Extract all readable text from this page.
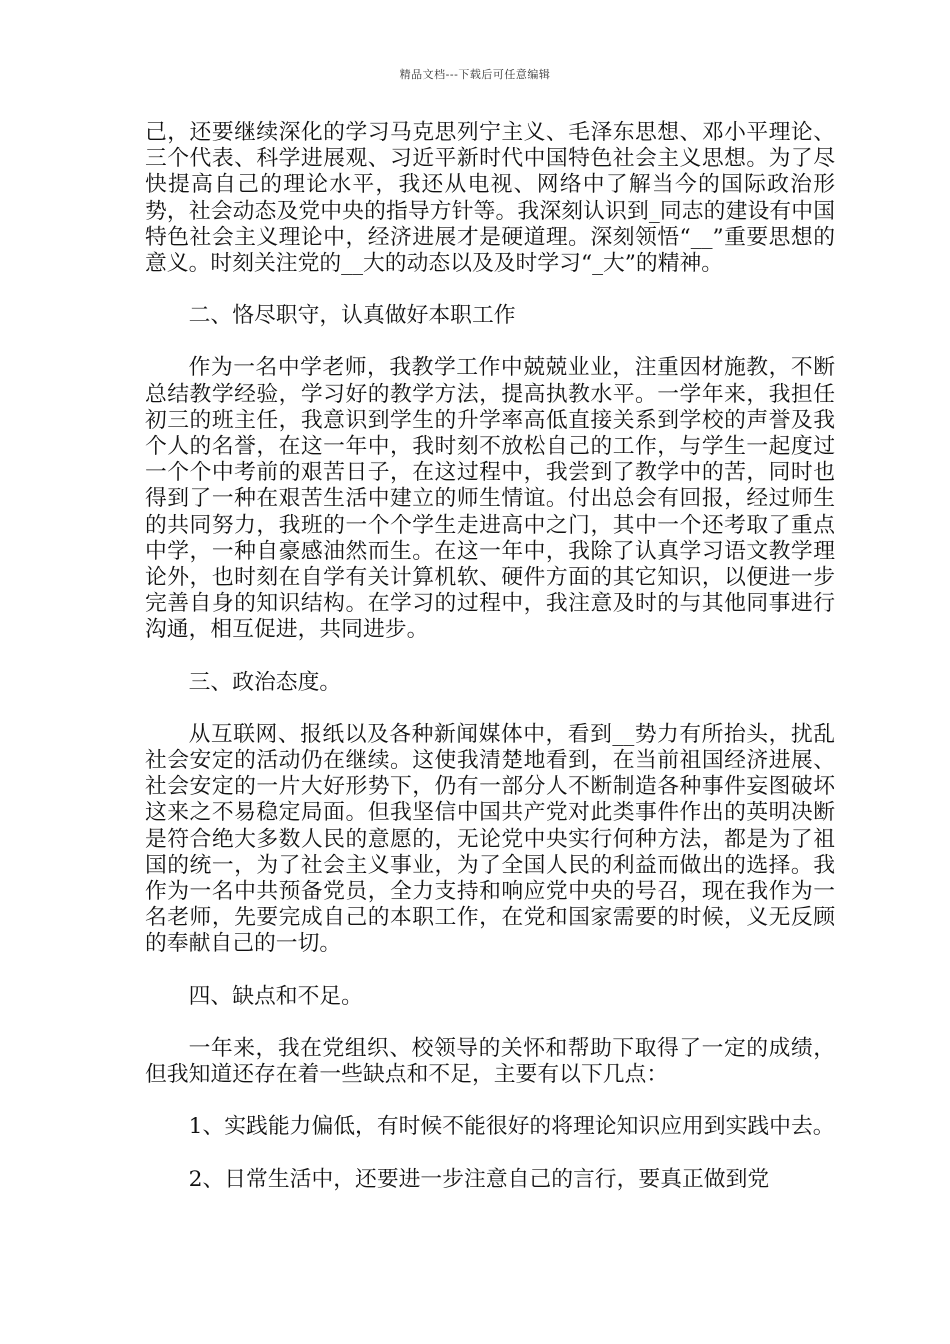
精品文档---下载后可任意编辑

己，还要继续深化的学习马克思列宁主义、毛泽东思想、邓小平理论、三个代表、科学进展观、习近平新时代中国特色社会主义思想。为了尽快提高自己的理论水平，我还从电视、网络中了解当今的国际政治形势，社会动态及党中央的指导方针等。我深刻认识到_同志的建设有中国特色社会主义理论中，经济进展才是硬道理。深刻领悟“__”重要思想的意义。时刻关注党的__大的动态以及及时学习“_大”的精神。

二、恪尽职守，认真做好本职工作

作为一名中学老师，我教学工作中兢兢业业，注重因材施教，不断总结教学经验，学习好的教学方法，提高执教水平。一学年来，我担任初三的班主任，我意识到学生的升学率高低直接关系到学校的声誉及我个人的名誉，在这一年中，我时刻不放松自己的工作，与学生一起度过一个个中考前的艰苦日子，在这过程中，我尝到了教学中的苦，同时也得到了一种在艰苦生活中建立的师生情谊。付出总会有回报，经过师生的共同努力，我班的一个个学生走进高中之门，其中一个还考取了重点中学，一种自豪感油然而生。在这一年中，我除了认真学习语文教学理论外，也时刻在自学有关计算机软、硬件方面的其它知识，以便进一步完善自身的知识结构。在学习的过程中，我注意及时的与其他同事进行沟通，相互促进，共同进步。

三、政治态度。

从互联网、报纸以及各种新闻媒体中，看到__势力有所抬头，扰乱社会安定的活动仍在继续。这使我清楚地看到，在当前祖国经济进展、社会安定的一片大好形势下，仍有一部分人不断制造各种事件妄图破坏这来之不易稳定局面。但我坚信中国共产党对此类事件作出的英明决断是符合绝大多数人民的意愿的，无论党中央实行何种方法，都是为了祖国的统一，为了社会主义事业，为了全国人民的利益而做出的选择。我作为一名中共预备党员，全力支持和响应党中央的号召，现在我作为一名老师，先要完成自己的本职工作，在党和国家需要的时候，义无反顾的奉献自己的一切。

四、缺点和不足。

一年来，我在党组织、校领导的关怀和帮助下取得了一定的成绩，但我知道还存在着一些缺点和不足，主要有以下几点：

1、实践能力偏低，有时候不能很好的将理论知识应用到实践中去。

2、日常生活中，还要进一步注意自己的言行，要真正做到党
